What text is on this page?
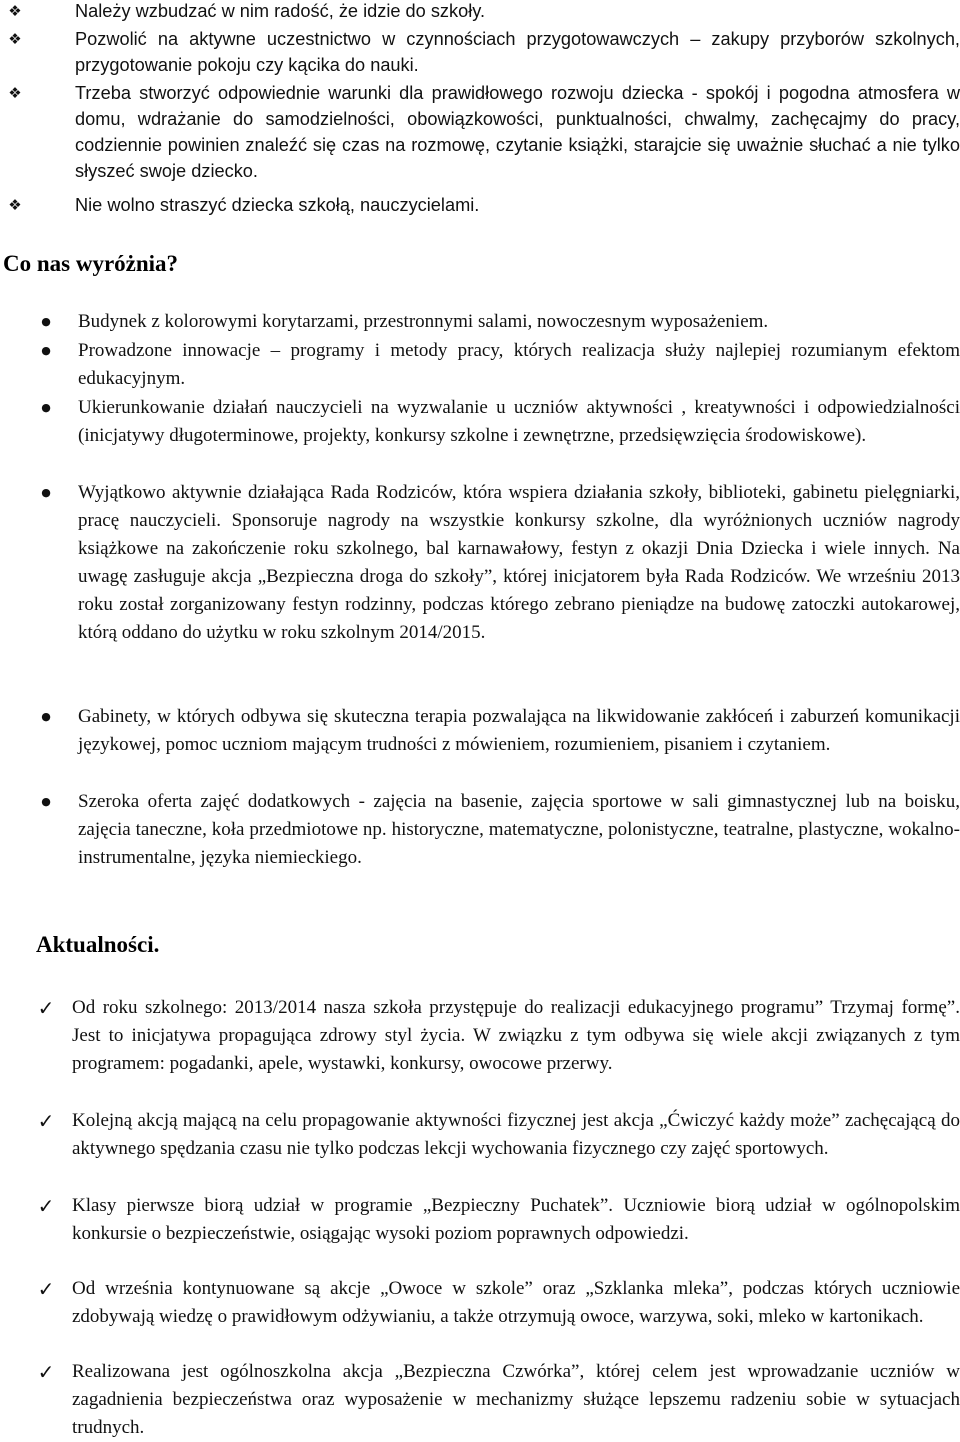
❖	Należy wzbudzać w nim radość, że idzie do szkoły.

❖	Pozwolić na aktywne uczestnictwo w czynnościach przygotowawczych – zakupy przyborów szkolnych, przygotowanie pokoju czy kącika do nauki.

❖	Trzeba stworzyć odpowiednie warunki dla prawidłowego rozwoju dziecka - spokój i pogodna atmosfera w domu, wdrażanie do samodzielności, obowiązkowości, punktualności, chwalmy, zachęcajmy do pracy, codziennie powinien znaleźć się czas na rozmowę, czytanie książki, starajcie się uważnie słuchać a nie tylko słyszeć swoje dziecko.

❖	Nie wolno straszyć dziecka szkołą, nauczycielami.

Co nas wyróżnia?
● Budynek z kolorowymi korytarzami, przestronnymi salami, nowoczesnym wyposażeniem.

● Prowadzone innowacje – programy i metody pracy, których realizacja służy najlepiej rozumianym efektom edukacyjnym.

● Ukierunkowanie działań nauczycieli na wyzwalanie u uczniów aktywności , kreatywności i odpowiedzialności (inicjatywy długoterminowe, projekty, konkursy szkolne i zewnętrzne, przedsięwzięcia środowiskowe).

● Wyjątkowo aktywnie działająca Rada Rodziców, która wspiera działania szkoły, biblioteki, gabinetu pielęgniarki, pracę nauczycieli. Sponsoruje nagrody na wszystkie konkursy szkolne, dla wyróżnionych uczniów nagrody książkowe na zakończenie roku szkolnego, bal karnawałowy, festyn z okazji Dnia Dziecka i wiele innych. Na uwagę zasługuje akcja „Bezpieczna droga do szkoły”, której inicjatorem była Rada Rodziców. We wrześniu 2013 roku został zorganizowany festyn rodzinny, podczas którego zebrano pieniądze na budowę zatoczki autokarowej, którą oddano do użytku w roku szkolnym 2014/2015.

● Gabinety, w których odbywa się skuteczna terapia pozwalająca na likwidowanie zakłóceń i zaburzeń komunikacji językowej, pomoc uczniom mającym trudności z mówieniem, rozumieniem, pisaniem i czytaniem.

● Szeroka oferta zajęć dodatkowych - zajęcia na basenie, zajęcia sportowe w sali gimnastycznej lub na boisku, zajęcia taneczne, koła przedmiotowe np. historyczne, matematyczne, polonistyczne, teatralne, plastyczne, wokalno-instrumentalne, języka niemieckiego.

Aktualności.
✓ Od roku szkolnego: 2013/2014 nasza szkoła przystępuje do realizacji edukacyjnego programu” Trzymaj formę”. Jest to inicjatywa propagująca zdrowy styl życia. W związku z tym odbywa się wiele akcji związanych z tym programem: pogadanki, apele, wystawki, konkursy, owocowe przerwy.

✓ Kolejną akcją mającą na celu propagowanie aktywności fizycznej jest akcja „Ćwiczyć każdy może” zachęcającą do aktywnego spędzania czasu nie tylko podczas lekcji wychowania fizycznego czy zajęć sportowych.

✓ Klasy pierwsze biorą udział w programie „Bezpieczny Puchatek”. Uczniowie biorą udział w ogólnopolskim konkursie o bezpieczeństwie, osiągając wysoki poziom poprawnych odpowiedzi.

✓ Od września kontynuowane są akcje „Owoce w szkole” oraz „Szklanka mleka”, podczas których uczniowie zdobywają wiedzę o prawidłowym odżywianiu, a także otrzymują owoce, warzywa, soki, mleko w kartonikach.

✓ Realizowana jest ogólnoszkolna akcja „Bezpieczna Czwórka”, której celem jest wprowadzanie uczniów w zagadnienia bezpieczeństwa oraz wyposażenie w mechanizmy służące lepszemu radzeniu sobie w sytuacjach trudnych.
